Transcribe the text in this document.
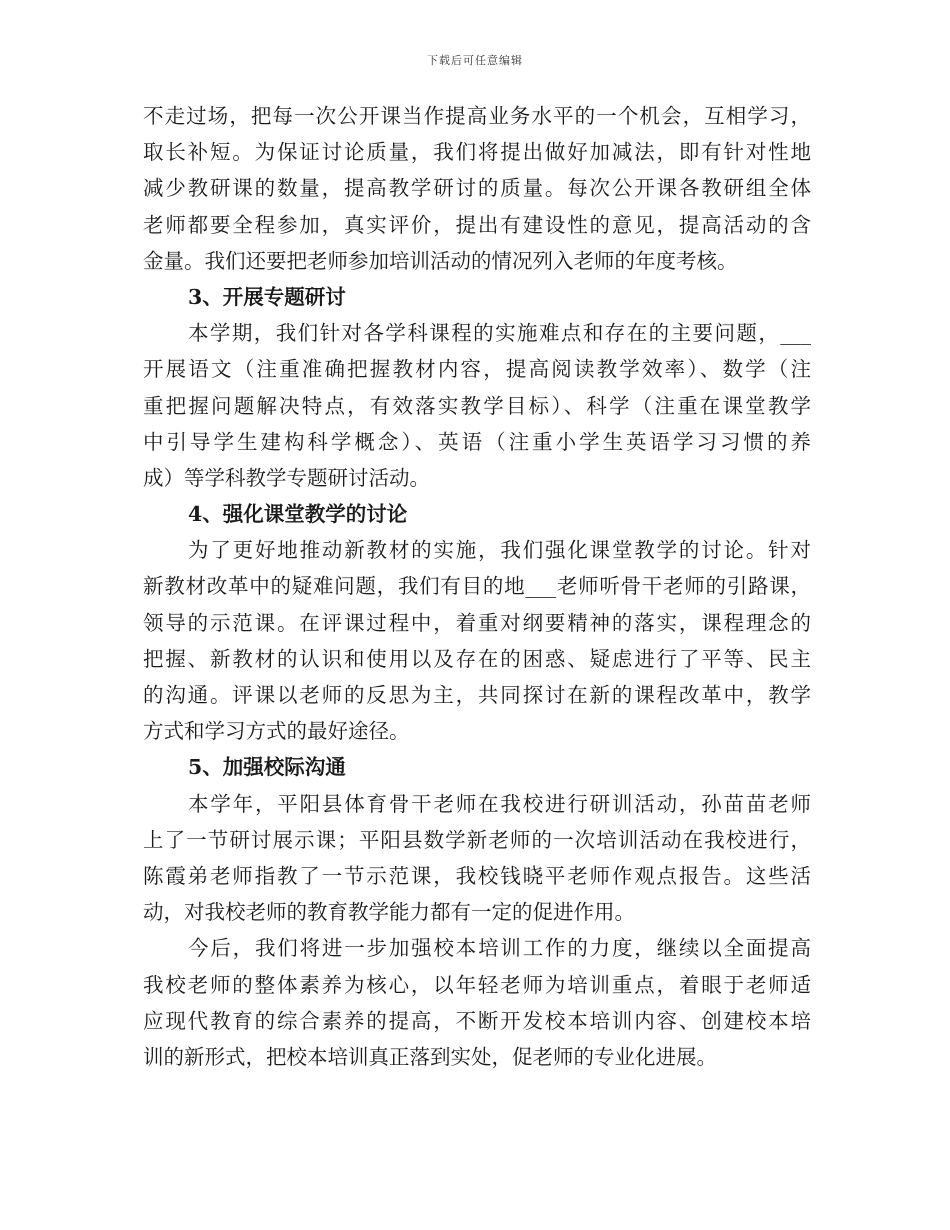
下载后可任意编辑
不走过场，把每一次公开课当作提高业务水平的一个机会，互相学习，
取长补短。为保证讨论质量，我们将提出做好加减法，即有针对性地
减少教研课的数量，提高教学研讨的质量。每次公开课各教研组全体
老师都要全程参加，真实评价，提出有建设性的意见，提高活动的含
金量。我们还要把老师参加培训活动的情况列入老师的年度考核。
3、开展专题研讨
本学期，我们针对各学科课程的实施难点和存在的主要问题，___
开展语文（注重准确把握教材内容，提高阅读教学效率）、数学（注
重把握问题解决特点，有效落实教学目标）、科学（注重在课堂教学
中引导学生建构科学概念）、英语（注重小学生英语学习习惯的养
成）等学科教学专题研讨活动。
4、强化课堂教学的讨论
为了更好地推动新教材的实施，我们强化课堂教学的讨论。针对
新教材改革中的疑难问题，我们有目的地___老师听骨干老师的引路课，
领导的示范课。在评课过程中，着重对纲要精神的落实，课程理念的
把握、新教材的认识和使用以及存在的困惑、疑虑进行了平等、民主
的沟通。评课以老师的反思为主，共同探讨在新的课程改革中，教学
方式和学习方式的最好途径。
5、加强校际沟通
本学年，平阳县体育骨干老师在我校进行研训活动，孙苗苗老师
上了一节研讨展示课；平阳县数学新老师的一次培训活动在我校进行，
陈霞弟老师指教了一节示范课，我校钱晓平老师作观点报告。这些活
动，对我校老师的教育教学能力都有一定的促进作用。
今后，我们将进一步加强校本培训工作的力度，继续以全面提高
我校老师的整体素养为核心，以年轻老师为培训重点，着眼于老师适
应现代教育的综合素养的提高，不断开发校本培训内容、创建校本培
训的新形式，把校本培训真正落到实处，促老师的专业化进展。
